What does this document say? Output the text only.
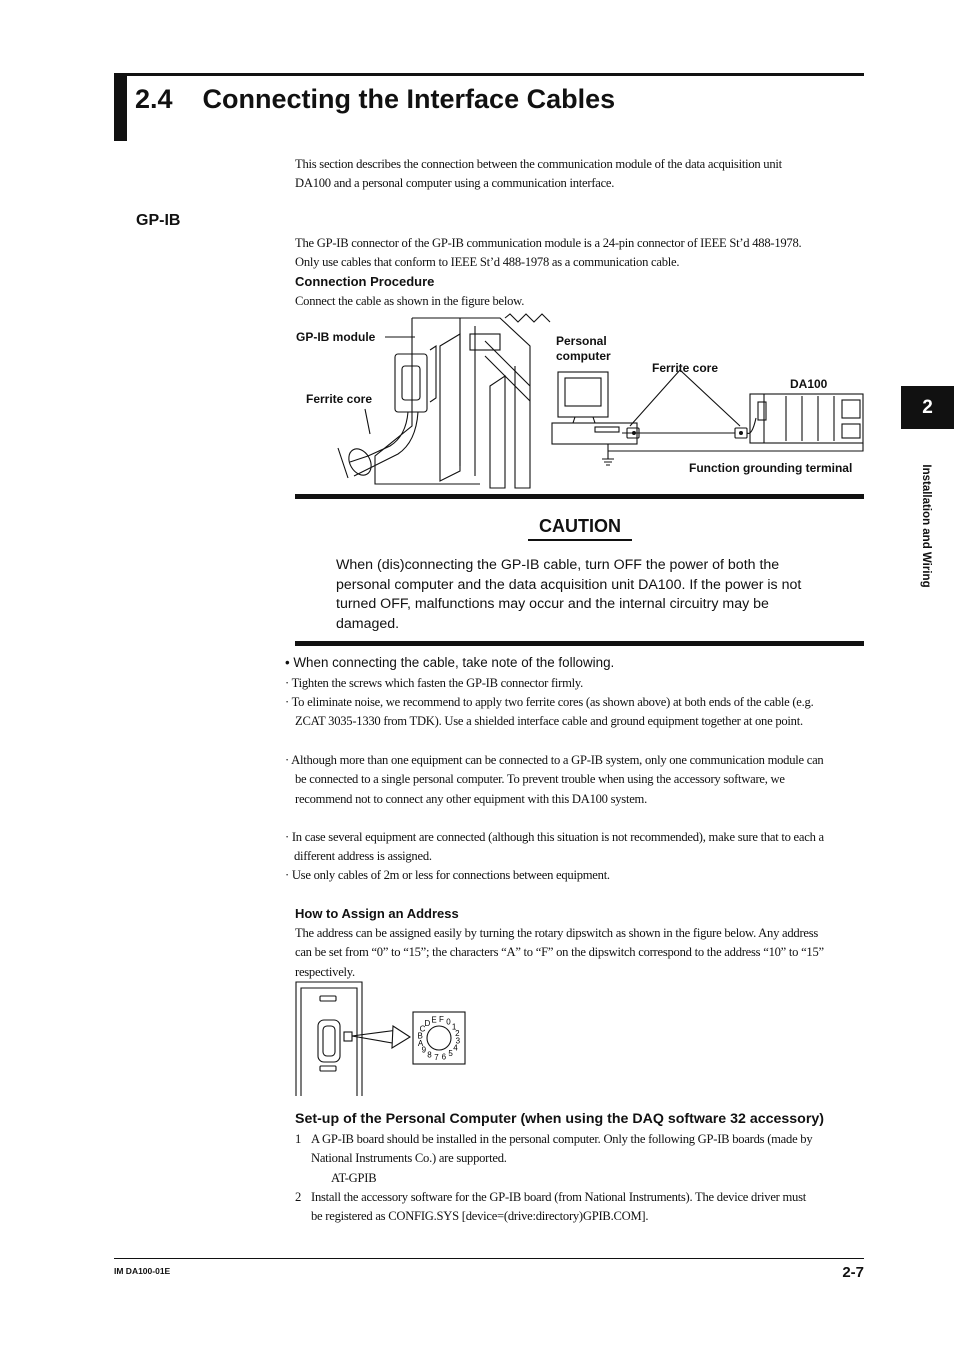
2.4 Connecting the Interface Cables
This section describes the connection between the communication module of the data acquisition unit DA100 and a personal computer using a communication interface.
GP-IB
The GP-IB connector of the GP-IB communication module is a 24-pin connector of IEEE St’d 488-1978. Only use cables that conform to IEEE St’d 488-1978 as a communication cable.
Connection Procedure
Connect the cable as shown in the figure below.
GP-IB module
Ferrite core
Personal
computer
Ferrite core
DA100
Function grounding terminal
CAUTION
When (dis)connecting the GP-IB cable, turn OFF the power of both the personal computer and the data acquisition unit DA100. If the power is not turned OFF, malfunctions may occur and the internal circuitry may be damaged.
• When connecting the cable, take note of the following.
· Tighten the screws which fasten the GP-IB connector firmly.
· To eliminate noise, we recommend to apply two ferrite cores (as shown above) at both ends of the cable (e.g. ZCAT 3035-1330 from TDK). Use a shielded interface cable and ground equipment together at one point.
· Although more than one equipment can be connected to a GP-IB system, only one communication module can be connected to a single personal computer. To prevent trouble when using the accessory software, we recommend not to connect any other equipment with this DA100 system.
· In case several equipment are connected (although this situation is not recommended), make sure that to each a different address is assigned.
· Use only cables of 2m or less for connections between equipment.
How to Assign an Address
The address can be assigned easily by turning the rotary dipswitch as shown in the figure below. Any address can be set from “0” to “15”; the characters “A” to “F” on the dipswitch correspond to the address “10” to “15” respectively.
0
1
2
3
4
5
6
7
8
9
A
B
C
D E F
Set-up of the Personal Computer (when using the DAQ software 32 accessory)
1 A GP-IB board should be installed in the personal computer. Only the following GP-IB boards (made by National Instruments Co.) are supported.
AT-GPIB
2 Install the accessory software for the GP-IB board (from National Instruments). The device driver must be registered as CONFIG.SYS [device=(drive:directory)GPIB.COM].
2
Installation and Wiring
IM DA100-01E	2-7
